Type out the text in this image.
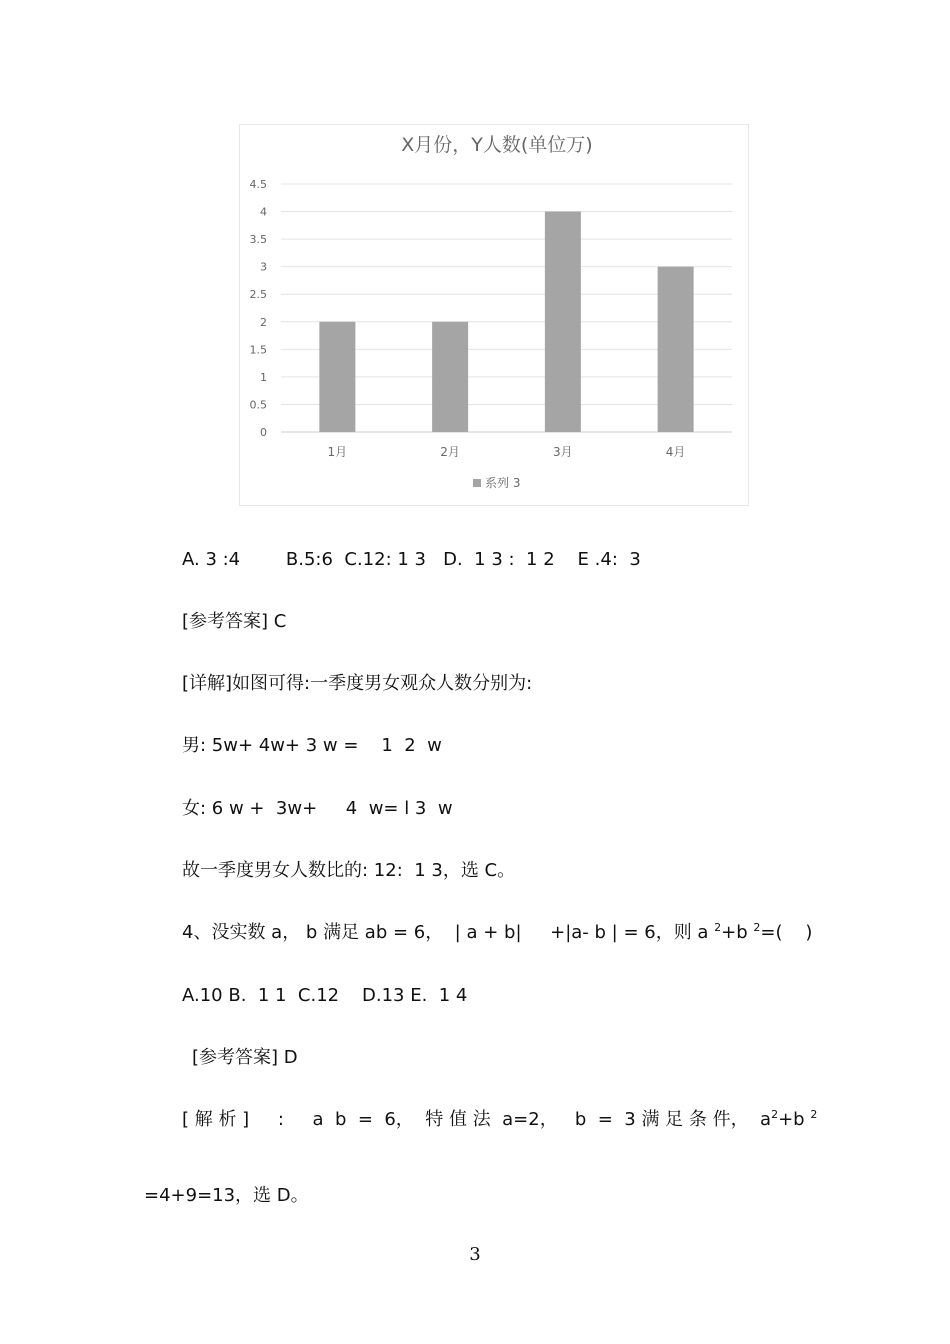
X月份，Y人数(单位万)
0
0.5
1
1.5
2
2.5
3
3.5
4
4.5
1月	2月	3月	4月
系列 3
A. 3 :4        B.5:6  C.12: 1 3   D.  1 3 :  1 2    E .4:  3
[参考答案] C
[详解]如图可得:一季度男女观众人数分别为:
男: 5w+ 4w+ 3 w =    1  2  w
女: 6 w +  3w+     4  w= l 3  w
故一季度男女人数比的: 12:  1 3，选 C。
4、没实数 a， b 满足 ab = 6，  | a + b|     +|a- b | = 6，则 a $^2$+b $^2$=(    )
A.10 B.  1 1  C.12    D.13 E.  1 4
[参考答案] D
[ 解 析 ]     :     a  b  =  6，  特 值 法  a=2，   b  =  3 满 足 条 件，  $a^2+b$ $^2$
=4+9=13，选 D。
3
